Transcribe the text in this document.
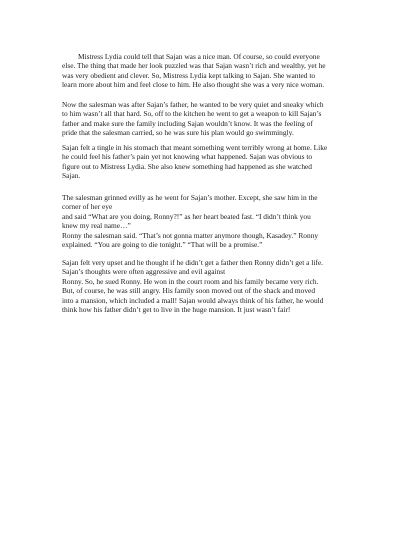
Mistress Lydia could tell that Sajan was a nice man. Of course, so could everyone
else. The thing that made her look puzzled was that Sajan wasn’t rich and wealthy, yet he
was very obedient and clever. So, Mistress Lydia kept talking to Sajan. She wanted to
learn more about him and feel close to him. He also thought she was a very nice woman.
Now the salesman was after Sajan’s father, he wanted to be very quiet and sneaky which
to him wasn’t all that hard. So, off to the kitchen he went to get a weapon to kill Sajan’s
father and make sure the family including Sajan wouldn’t know. It was the feeling of
pride that the salesman carried, so he was sure his plan would go swimmingly.
Sajan felt a tingle in his stomach that meant something went terribly wrong at home. Like
he could feel his father’s pain yet not knowing what happened. Sajan was obvious to
figure out to Mistress Lydia. She also knew something had happened as she watched
Sajan.
The salesman grinned evilly as he went for Sajan’s mother. Except, she saw him in the
corner of her eye
and said “What are you doing, Ronny?!” as her heart beated fast. “I didn’t think you
knew my real name…”
Ronny the salesman said. “That’s not gonna matter anymore though, Kasadey.” Ronny
explained. “You are going to die tonight.” “That will be a promise.”
Sajan felt very upset and he thought if he didn’t get a father then Ronny didn’t get a life.
Sajan’s thoughts were often aggressive and evil against
Ronny. So, he sued Ronny. He won in the court room and his family became very rich.
But, of course, he was still angry. His family soon moved out of the shack and moved
into a mansion, which included a mall! Sajan would always think of his father, he would
think how his father didn’t get to live in the huge mansion. It just wasn’t fair!
